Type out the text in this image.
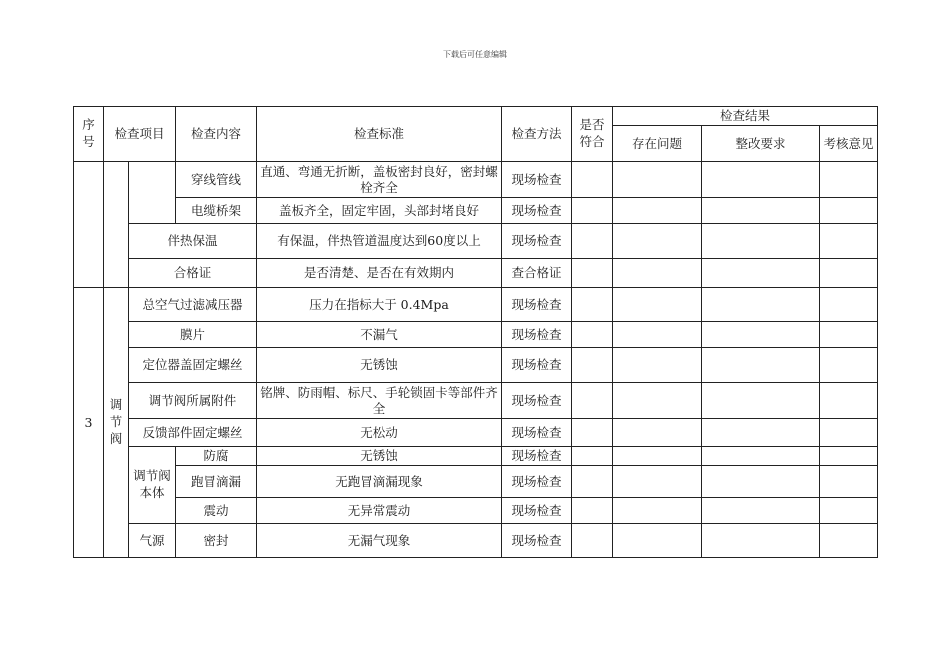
下载后可任意编辑
序号	检查项目		检查内容	检查标准	检查方法	是否符合	检查结果		
							存在问题	整改要求	考核意见
			穿线管线	直通、弯通无折断，盖板密封良好，密封螺栓齐全	现场检查				
			电缆桥架	盖板齐全，固定牢固，头部封堵良好	现场检查				
		伴热保温		有保温，伴热管道温度达到60度以上	现场检查				
		合格证		是否清楚、是否在有效期内	查合格证				
3	调节阀	总空气过滤减压器		压力在指标大于 0.4Mpa	现场检查				
		膜片		不漏气	现场检查				
		定位器盖固定螺丝		无锈蚀	现场检查				
		调节阀所属附件		铭牌、防雨帽、标尺、手轮锁固卡等部件齐全	现场检查				
		反馈部件固定螺丝		无松动	现场检查				
		调节阀本体	防腐	无锈蚀	现场检查				
			跑冒滴漏	无跑冒滴漏现象	现场检查				
			震动	无异常震动	现场检查				
		气源	密封	无漏气现象	现场检查				
